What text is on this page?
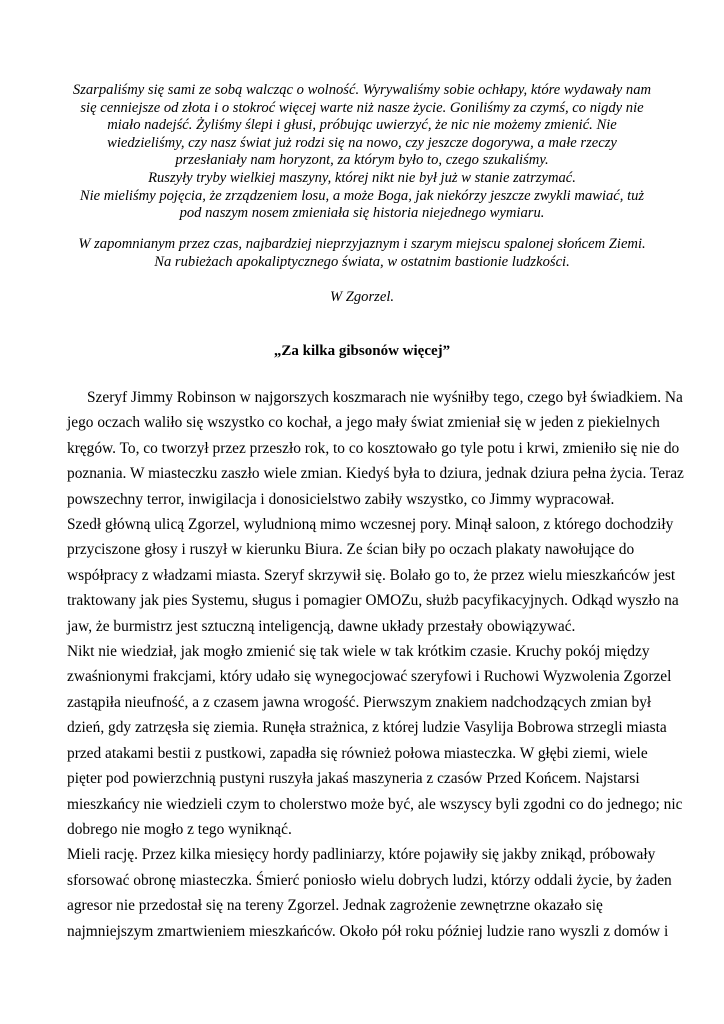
Szarpaliśmy się sami ze sobą walcząc o wolność. Wyrywaliśmy sobie ochłapy, które wydawały nam
się cenniejsze od złota i o stokroć więcej warte niż nasze życie. Goniliśmy za czymś, co nigdy nie
miało nadejść. Żyliśmy ślepi i głusi, próbując uwierzyć, że nic nie możemy zmienić. Nie
wiedzieliśmy, czy nasz świat już rodzi się na nowo, czy jeszcze dogorywa, a małe rzeczy
przesłaniały nam horyzont, za którym było to, czego szukaliśmy.
Ruszyły tryby wielkiej maszyny, której nikt nie był już w stanie zatrzymać.
Nie mieliśmy pojęcia, że zrządzeniem losu, a może Boga, jak niekórzy jeszcze zwykli mawiać, tuż
pod naszym nosem zmieniała się historia niejednego wymiaru.

W zapomnianym przez czas, najbardziej nieprzyjaznym i szarym miejscu spalonej słońcem Ziemi.
Na rubieżach apokaliptycznego świata, w ostatnim bastionie ludzkości.

W Zgorzel.

„Za kilka gibsonów więcej”

Szeryf Jimmy Robinson w najgorszych koszmarach nie wyśniłby tego, czego był świadkiem. Na
jego oczach waliło się wszystko co kochał, a jego mały świat zmieniał się w jeden z piekielnych
kręgów. To, co tworzył przez przeszło rok, to co kosztowało go tyle potu i krwi, zmieniło się nie do
poznania. W miasteczku zaszło wiele zmian. Kiedyś była to dziura, jednak dziura pełna życia. Teraz
powszechny terror, inwigilacja i donosicielstwo zabiły wszystko, co Jimmy wypracował.

Szedł główną ulicą Zgorzel, wyludnioną mimo wczesnej pory. Minął saloon, z którego dochodziły
przyciszone głosy i ruszył w kierunku Biura. Ze ścian biły po oczach plakaty nawołujące do
współpracy z władzami miasta. Szeryf skrzywił się. Bolało go to, że przez wielu mieszkańców jest
traktowany jak pies Systemu, sługus i pomagier OMOZu, służb pacyfikacyjnych. Odkąd wyszło na
jaw, że burmistrz jest sztuczną inteligencją, dawne układy przestały obowiązywać.

Nikt nie wiedział, jak mogło zmienić się tak wiele w tak krótkim czasie. Kruchy pokój między
zwaśnionymi frakcjami, który udało się wynegocjować szeryfowi i Ruchowi Wyzwolenia Zgorzel
zastąpiła nieufność, a z czasem jawna wrogość. Pierwszym znakiem nadchodzących zmian był
dzień, gdy zatrzęsła się ziemia. Runęła strażnica, z której ludzie Vasylija Bobrowa strzegli miasta
przed atakami bestii z pustkowi, zapadła się również połowa miasteczka. W głębi ziemi, wiele
pięter pod powierzchnią pustyni ruszyła jakaś maszyneria z czasów Przed Końcem. Najstarsi
mieszkańcy nie wiedzieli czym to cholerstwo może być, ale wszyscy byli zgodni co do jednego; nic
dobrego nie mogło z tego wyniknąć.

Mieli rację. Przez kilka miesięcy hordy padliniarzy, które pojawiły się jakby znikąd, próbowały
sforsować obronę miasteczka. Śmierć poniosło wielu dobrych ludzi, którzy oddali życie, by żaden
agresor nie przedostał się na tereny Zgorzel. Jednak zagrożenie zewnętrzne okazało się
najmniejszym zmartwieniem mieszkańców. Około pół roku później ludzie rano wyszli z domów i
